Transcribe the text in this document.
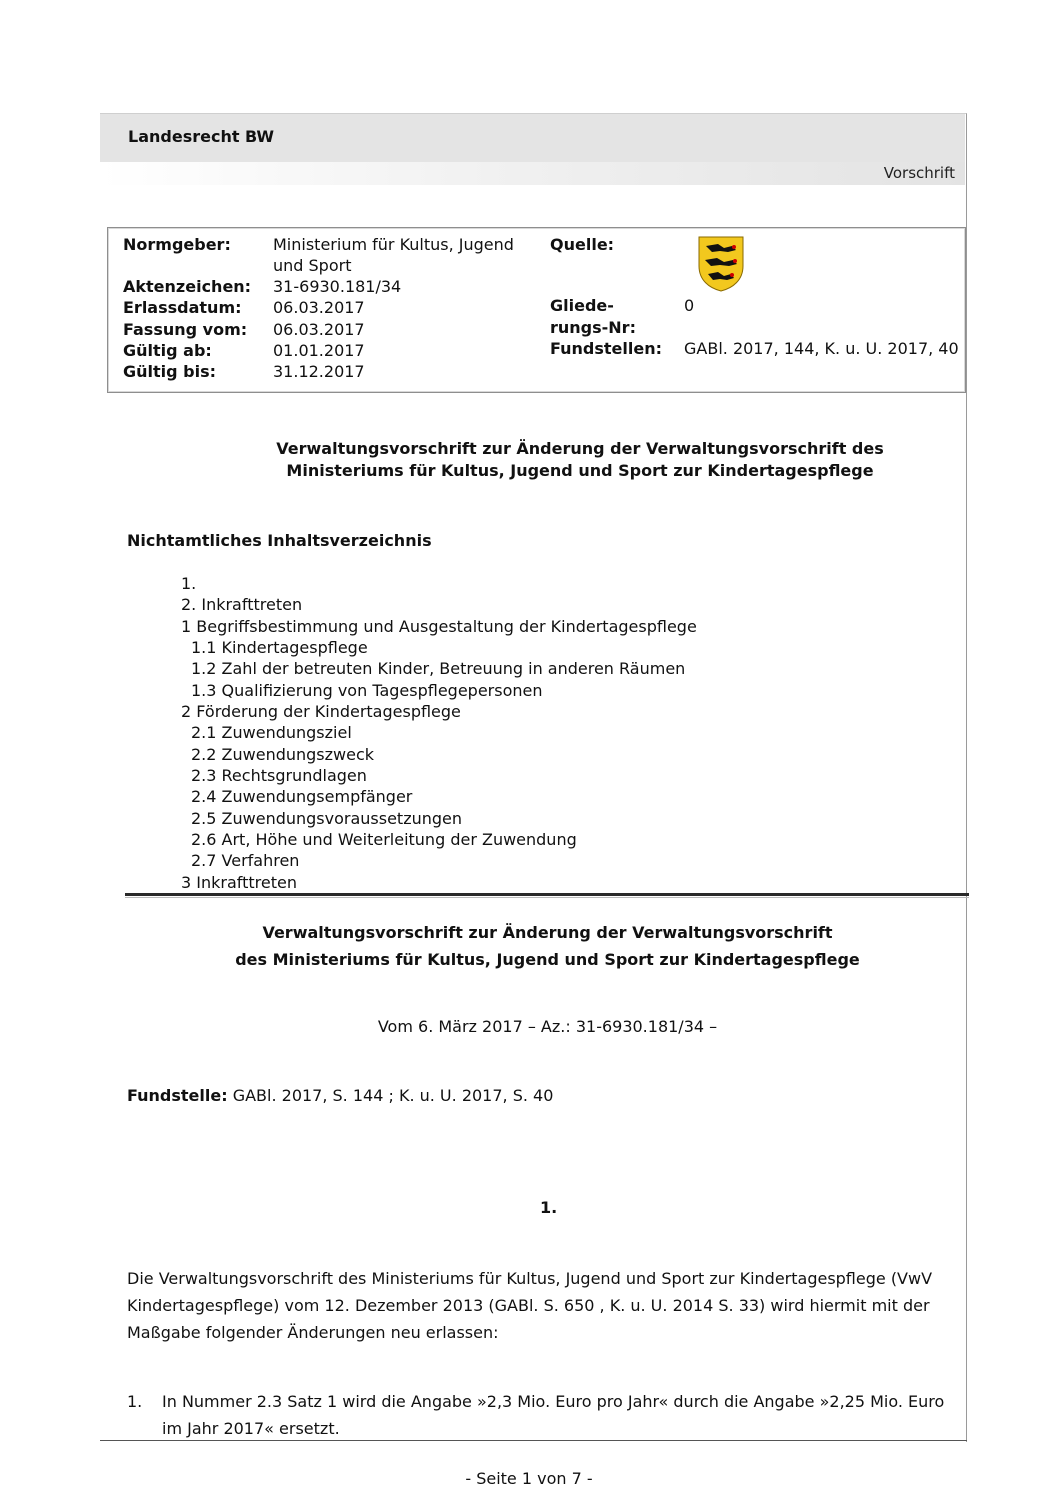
Landesrecht BW
Vorschrift
Normgeber:	Ministerium für Kultus, Jugend
und Sport
Aktenzeichen: 31-6930.181/34
Erlassdatum: 06.03.2017
Fassung vom: 06.03.2017
Gültig ab:	01.01.2017
Gültig bis:	31.12.2017
Quelle:
Gliede-
rungs-Nr:
0
Fundstellen: GABl. 2017, 144, K. u. U. 2017, 40
Verwaltungsvorschrift zur Änderung der Verwaltungsvorschrift des
Ministeriums für Kultus, Jugend und Sport zur Kindertagespflege
Nichtamtliches Inhaltsverzeichnis
1.
2. Inkrafttreten
1 Begriffsbestimmung und Ausgestaltung der Kindertagespflege
1.1 Kindertagespflege
1.2 Zahl der betreuten Kinder, Betreuung in anderen Räumen
1.3 Qualifizierung von Tagespflegepersonen
2 Förderung der Kindertagespflege
2.1 Zuwendungsziel
2.2 Zuwendungszweck
2.3 Rechtsgrundlagen
2.4 Zuwendungsempfänger
2.5 Zuwendungsvoraussetzungen
2.6 Art, Höhe und Weiterleitung der Zuwendung
2.7 Verfahren
3 Inkrafttreten
Verwaltungsvorschrift zur Änderung der Verwaltungsvorschrift
des Ministeriums für Kultus, Jugend und Sport zur Kindertagespflege
Vom 6. März 2017 – Az.: 31-6930.181/34 –
Fundstelle: GABl. 2017, S. 144 ; K. u. U. 2017, S. 40
1.
Die Verwaltungsvorschrift des Ministeriums für Kultus, Jugend und Sport zur Kindertagespflege (VwV Kindertagespflege) vom 12. Dezember 2013 (GABl. S. 650 , K. u. U. 2014 S. 33) wird hiermit mit der Maßgabe folgender Änderungen neu erlassen:
1. In Nummer 2.3 Satz 1 wird die Angabe »2,3 Mio. Euro pro Jahr« durch die Angabe »2,25 Mio. Euro im Jahr 2017« ersetzt.
- Seite 1 von 7 -
